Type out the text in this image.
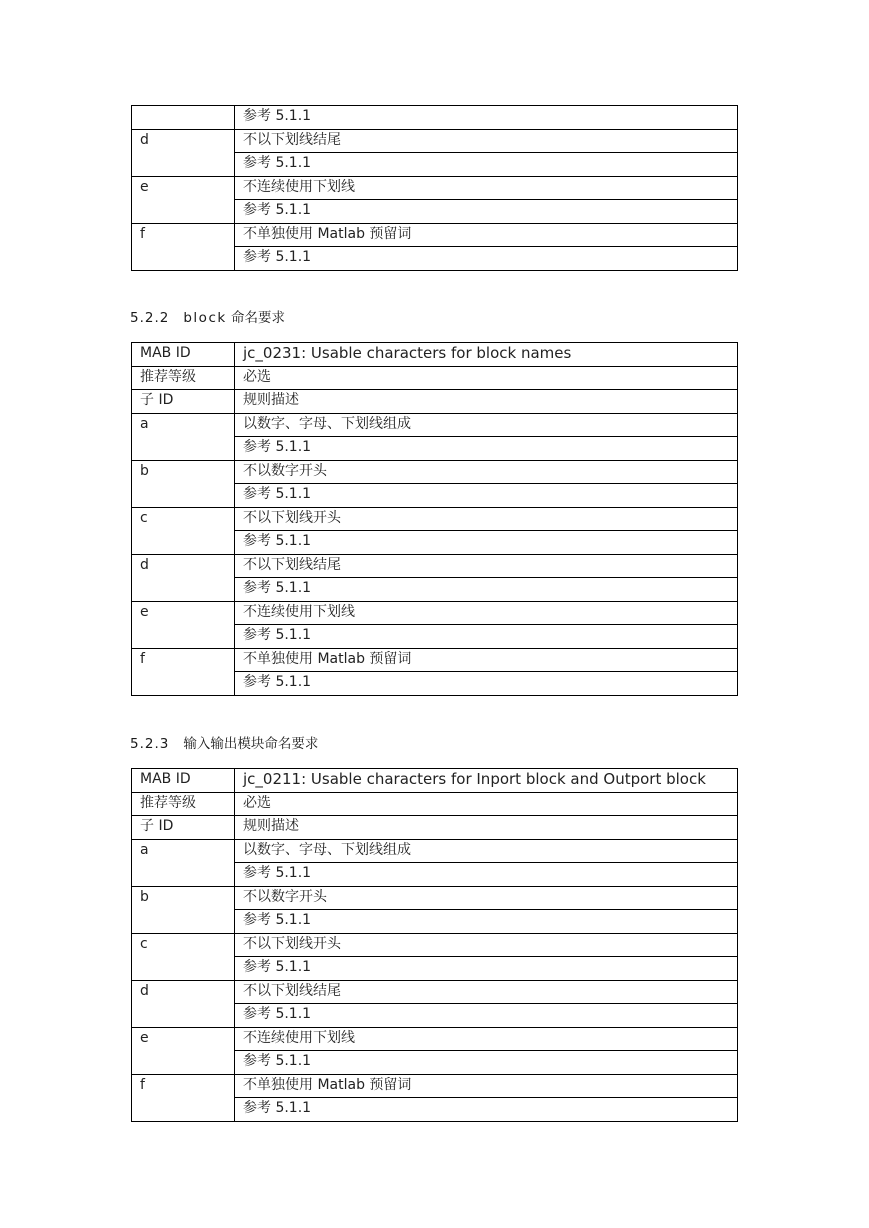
	参考 5.1.1
d	不以下划线结尾
	参考 5.1.1
e	不连续使用下划线
	参考 5.1.1
f	不单独使用 Matlab 预留词
	参考 5.1.1
5.2.2 block 命名要求
MAB ID	jc_0231: Usable characters for block names
推荐等级	必选
子 ID	规则描述
a	以数字、字母、下划线组成
	参考 5.1.1
b	不以数字开头
	参考 5.1.1
c	不以下划线开头
	参考 5.1.1
d	不以下划线结尾
	参考 5.1.1
e	不连续使用下划线
	参考 5.1.1
f	不单独使用 Matlab 预留词
	参考 5.1.1
5.2.3 输入输出模块命名要求
MAB ID	jc_0211: Usable characters for Inport block and Outport block
推荐等级	必选
子 ID	规则描述
a	以数字、字母、下划线组成
	参考 5.1.1
b	不以数字开头
	参考 5.1.1
c	不以下划线开头
	参考 5.1.1
d	不以下划线结尾
	参考 5.1.1
e	不连续使用下划线
	参考 5.1.1
f	不单独使用 Matlab 预留词
	参考 5.1.1
